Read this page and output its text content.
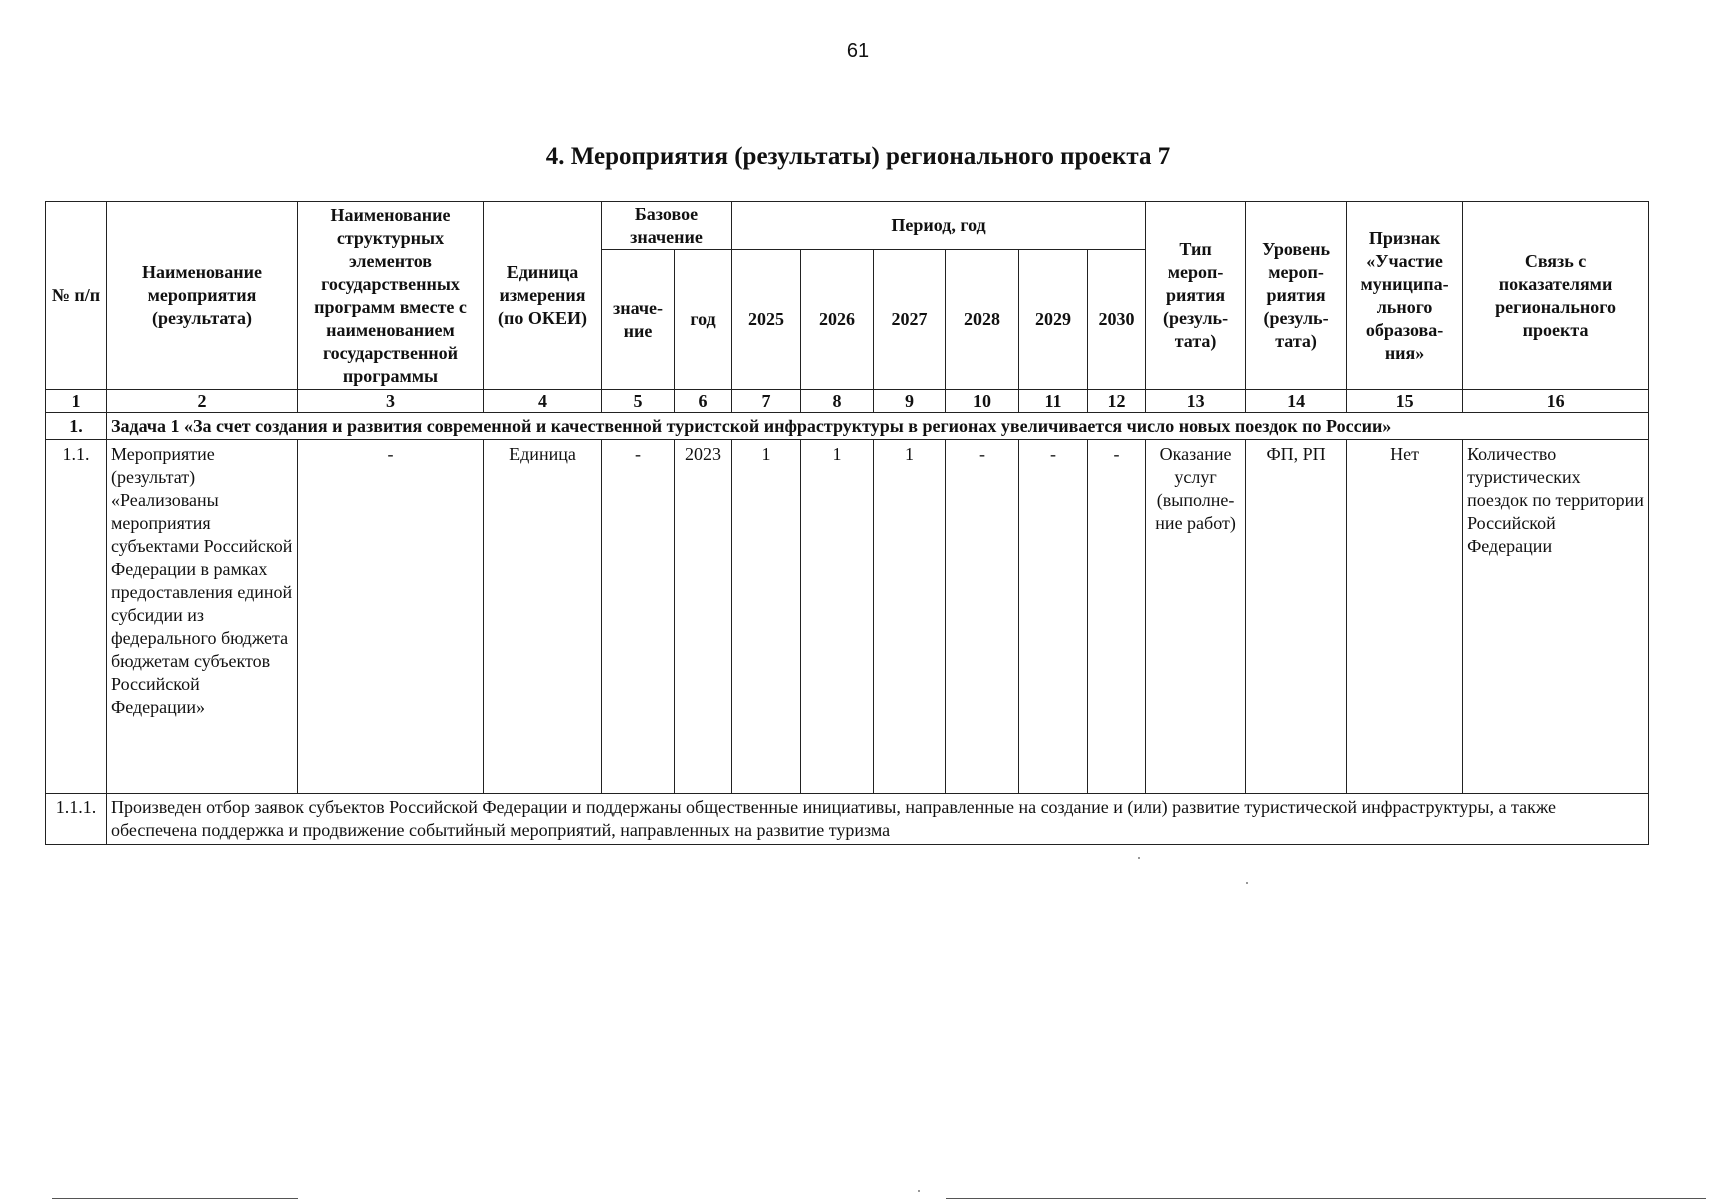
61
4. Мероприятия (результаты) регионального проекта 7
№ п/п	Наименование мероприятия (результата)	Наименование структурных элементов государственных программ вместе с наименованием государственной программы	Единица измерения (по ОКЕИ)	Базовое значение		Период, год						Тип мероп-риятия (резуль-тата)	Уровень мероп-риятия (резуль-тата)	Признак «Участие муниципа-льного образова-ния»	Связь с показателями регионального проекта
				значе-ние	год	2025	2026	2027	2028	2029	2030				
1	2	3	4	5	6	7	8	9	10	11	12	13	14	15	16
1.	Задача 1 «За счет создания и развития современной и качественной туристской инфраструктуры в регионах увеличивается число новых поездок по России»														
1.1.	Мероприятие (результат) «Реализованы мероприятия субъектами Российской Федерации в рамках предоставления единой субсидии из федерального бюджета бюджетам субъектов Российской Федерации»	-	Единица	-	2023	1	1	1	-	-	-	Оказание услуг (выполне-ние работ)	ФП, РП	Нет	Количество туристических поездок по территории Российской Федерации
1.1.1.	Произведен отбор заявок субъектов Российской Федерации и поддержаны общественные инициативы, направленные на создание и (или) развитие туристической инфраструктуры, а также обеспечена поддержка и продвижение событийный мероприятий, направленных на развитие туризма														
